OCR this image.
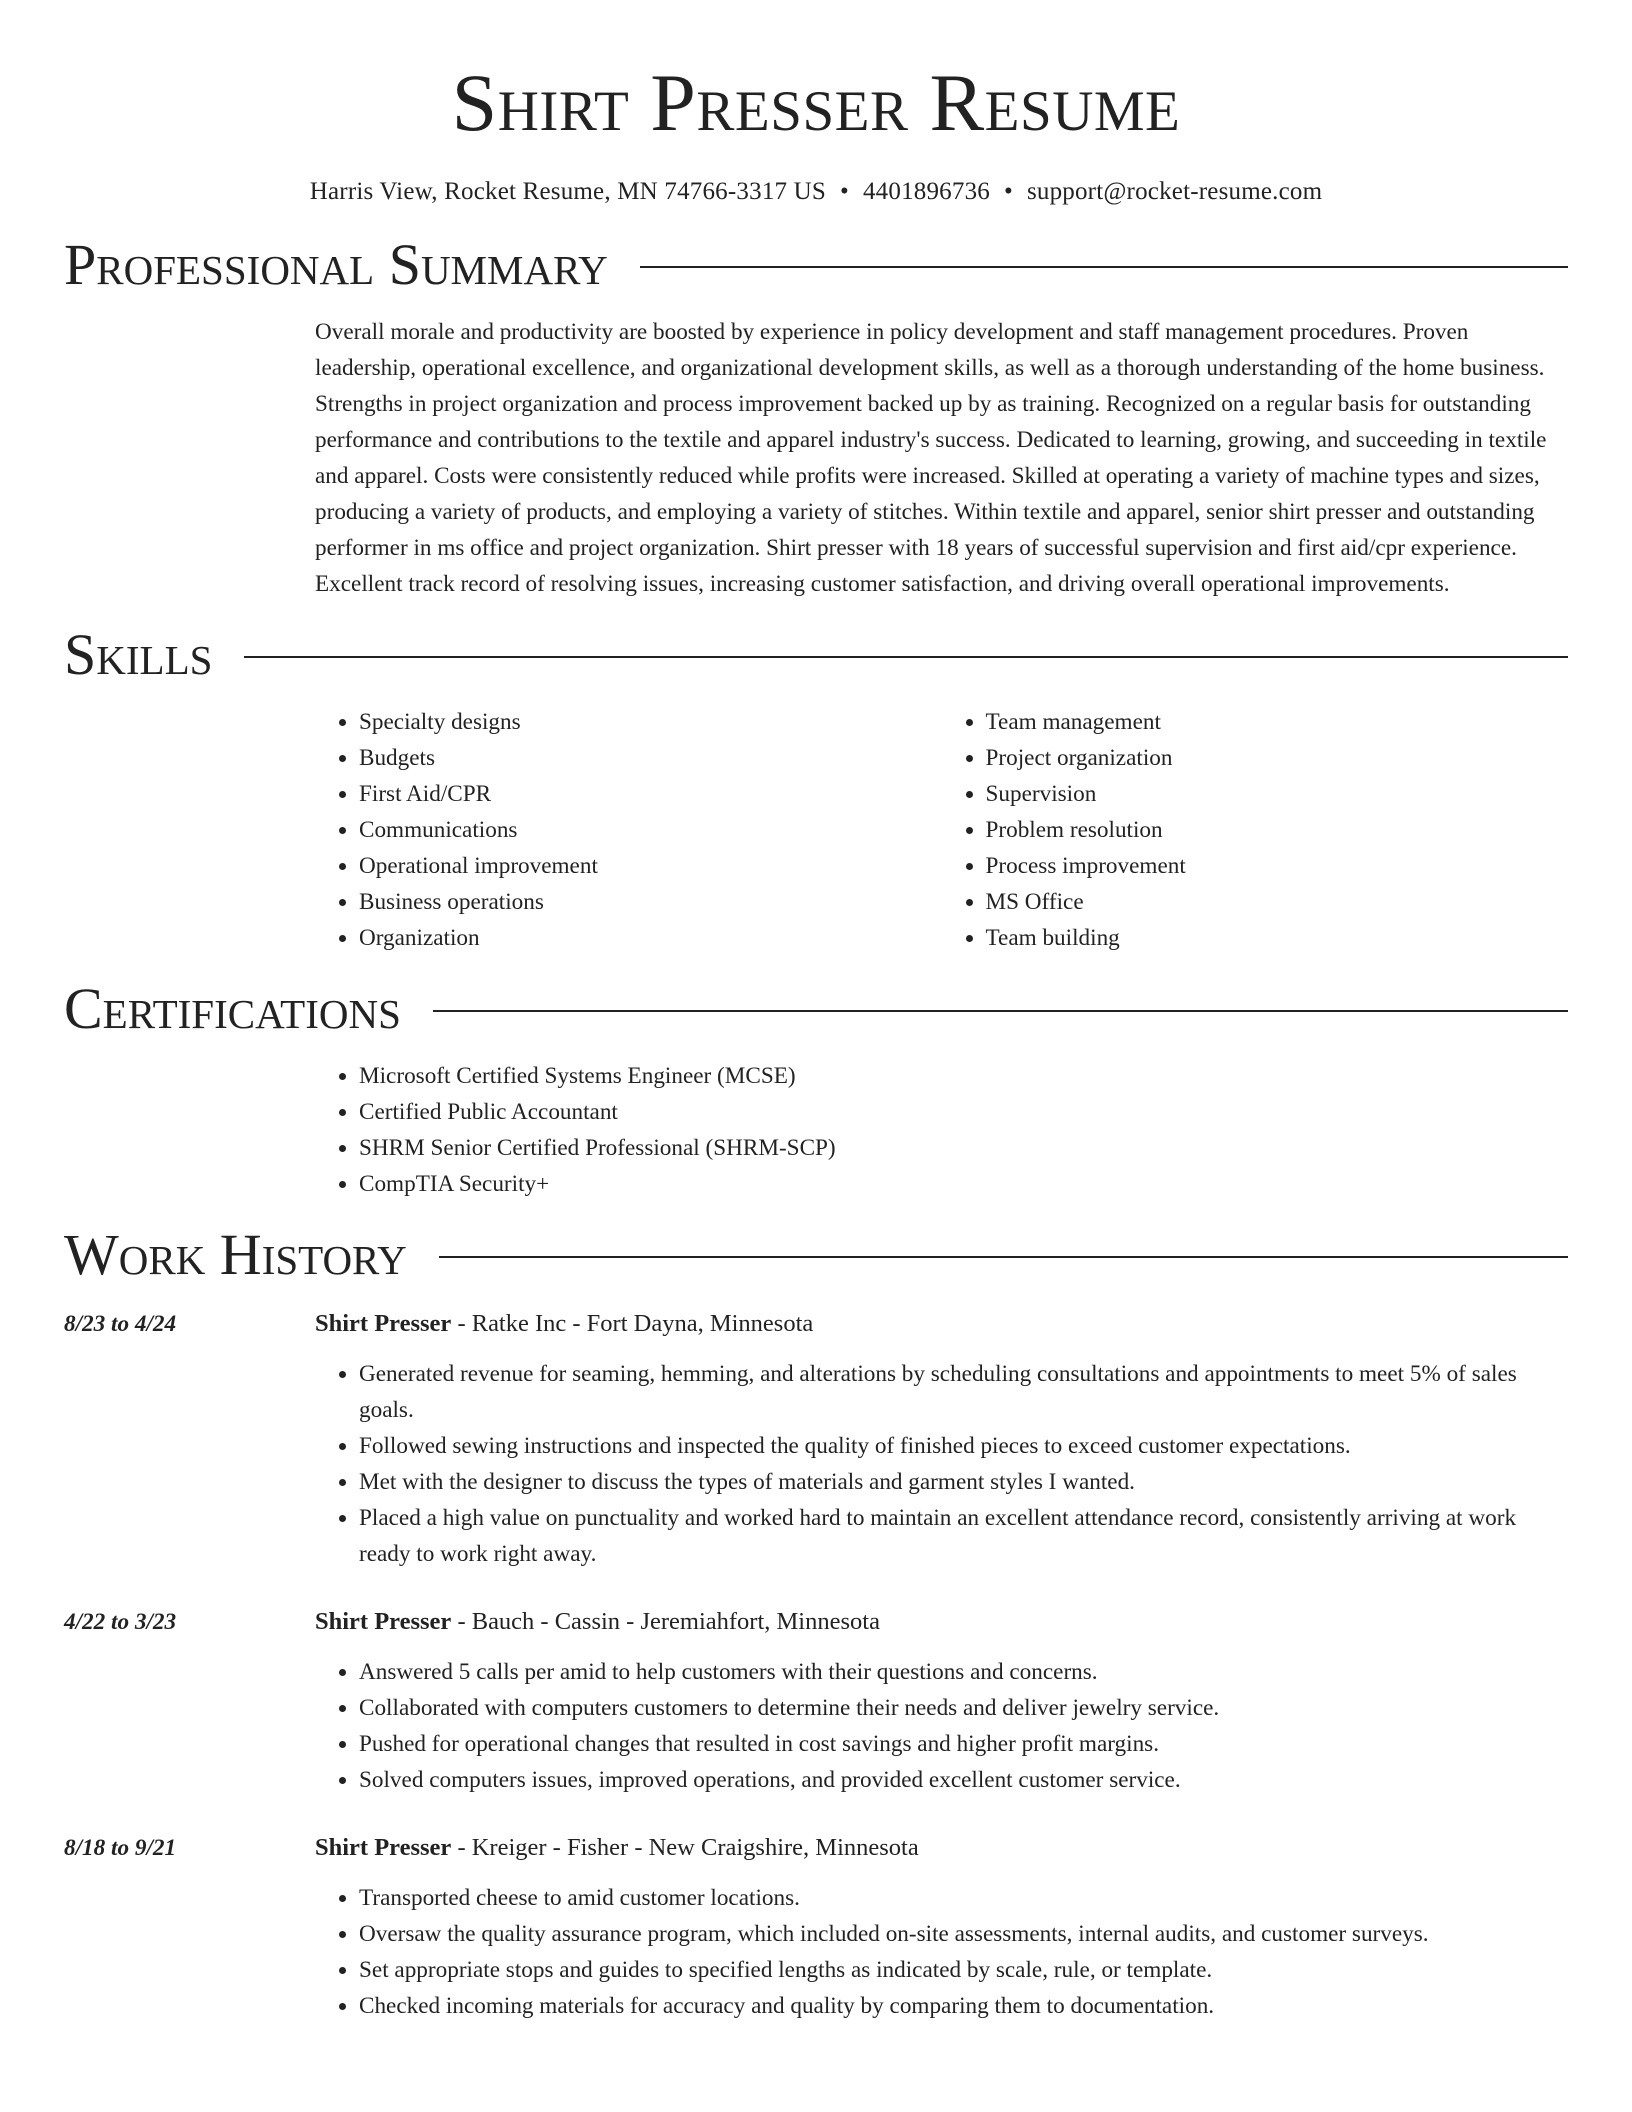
Shirt Presser Resume
Harris View, Rocket Resume, MN 74766-3317 US • 4401896736 • support@rocket-resume.com
Professional Summary

Overall morale and productivity are boosted by experience in policy development and staff management procedures. Proven leadership, operational excellence, and organizational development skills, as well as a thorough understanding of the home business. Strengths in project organization and process improvement backed up by as training. Recognized on a regular basis for outstanding performance and contributions to the textile and apparel industry's success. Dedicated to learning, growing, and succeeding in textile and apparel. Costs were consistently reduced while profits were increased. Skilled at operating a variety of machine types and sizes, producing a variety of products, and employing a variety of stitches. Within textile and apparel, senior shirt presser and outstanding performer in ms office and project organization. Shirt presser with 18 years of successful supervision and first aid/cpr experience. Excellent track record of resolving issues, increasing customer satisfaction, and driving overall operational improvements.

Skills
• Specialty designs
• Budgets
• First Aid/CPR
• Communications
• Operational improvement
• Business operations
• Organization
• Team management
• Project organization
• Supervision
• Problem resolution
• Process improvement
• MS Office
• Team building
Certifications
• Microsoft Certified Systems Engineer (MCSE)
• Certified Public Accountant
• SHRM Senior Certified Professional (SHRM-SCP)
• CompTIA Security+
Work History
8/23 to 4/24	Shirt Presser - Ratke Inc - Fort Dayna, Minnesota
• Generated revenue for seaming, hemming, and alterations by scheduling consultations and appointments to meet 5% of sales goals.
• Followed sewing instructions and inspected the quality of finished pieces to exceed customer expectations.
• Met with the designer to discuss the types of materials and garment styles I wanted.
• Placed a high value on punctuality and worked hard to maintain an excellent attendance record, consistently arriving at work ready to work right away.
4/22 to 3/23	Shirt Presser - Bauch - Cassin - Jeremiahfort, Minnesota
• Answered 5 calls per amid to help customers with their questions and concerns.
• Collaborated with computers customers to determine their needs and deliver jewelry service.
• Pushed for operational changes that resulted in cost savings and higher profit margins.
• Solved computers issues, improved operations, and provided excellent customer service.
8/18 to 9/21	Shirt Presser - Kreiger - Fisher - New Craigshire, Minnesota
• Transported cheese to amid customer locations.
• Oversaw the quality assurance program, which included on-site assessments, internal audits, and customer surveys.
• Set appropriate stops and guides to specified lengths as indicated by scale, rule, or template.
• Checked incoming materials for accuracy and quality by comparing them to documentation.
